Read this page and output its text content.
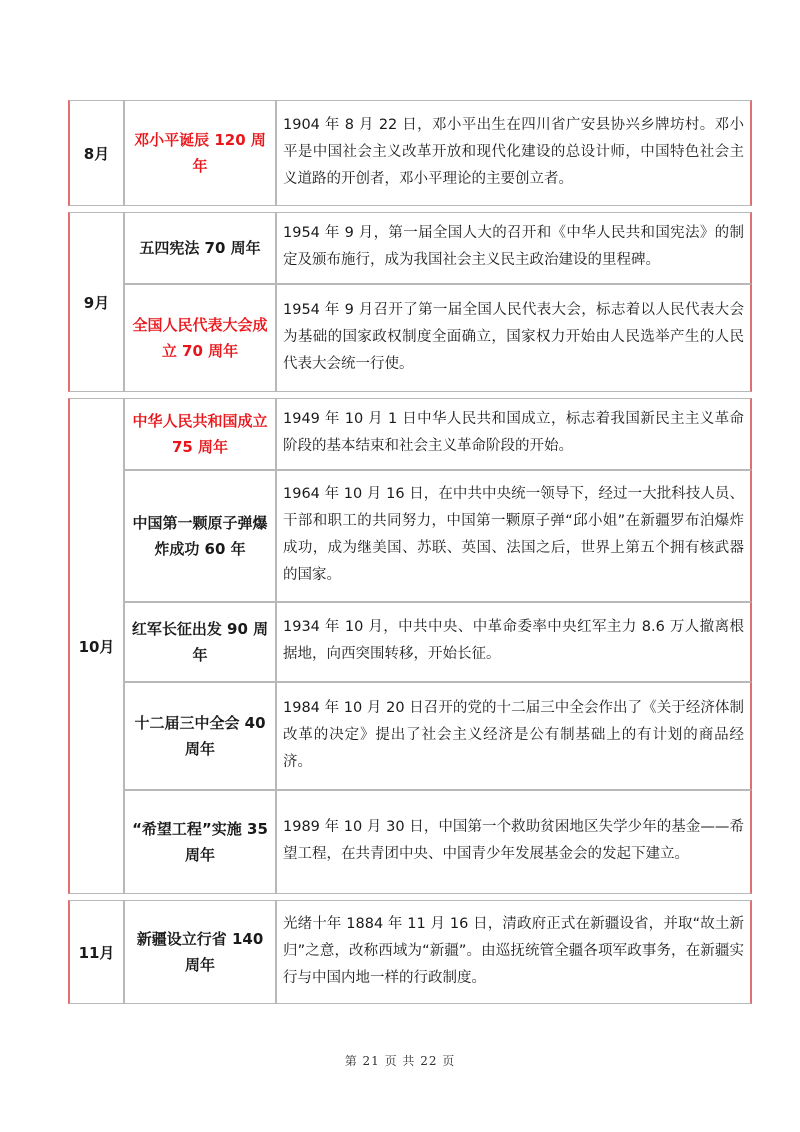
8月	邓小平诞辰 120 周年	1904 年 8 月 22 日，邓小平出生在四川省广安县协兴乡牌坊村。邓小平是中国社会主义改革开放和现代化建设的总设计师，中国特色社会主义道路的开创者，邓小平理论的主要创立者。

9月	五四宪法 70 周年	1954 年 9 月，第一届全国人大的召开和《中华人民共和国宪法》的制定及颁布施行，成为我国社会主义民主政治建设的里程碑。
	全国人民代表大会成立 70 周年	1954 年 9 月召开了第一届全国人民代表大会，标志着以人民代表大会为基础的国家政权制度全面确立，国家权力开始由人民选举产生的人民代表大会统一行使。

10月	中华人民共和国成立 75 周年	1949 年 10 月 1 日中华人民共和国成立，标志着我国新民主主义革命阶段的基本结束和社会主义革命阶段的开始。
	中国第一颗原子弹爆炸成功 60 年	1964 年 10 月 16 日，在中共中央统一领导下，经过一大批科技人员、干部和职工的共同努力，中国第一颗原子弹“邱小姐”在新疆罗布泊爆炸成功，成为继美国、苏联、英国、法国之后，世界上第五个拥有核武器的国家。
	红军长征出发 90 周年	1934 年 10 月，中共中央、中革命委率中央红军主力 8.6 万人撤离根据地，向西突围转移，开始长征。
	十二届三中全会 40 周年	1984 年 10 月 20 日召开的党的十二届三中全会作出了《关于经济体制改革的决定》提出了社会主义经济是公有制基础上的有计划的商品经济。
	“希望工程”实施 35 周年	1989 年 10 月 30 日，中国第一个救助贫困地区失学少年的基金——希望工程，在共青团中央、中国青少年发展基金会的发起下建立。

11月	新疆设立行省 140 周年	光绪十年 1884 年 11 月 16 日，清政府正式在新疆设省，并取“故土新归”之意，改称西域为“新疆”。由巡抚统管全疆各项军政事务，在新疆实行与中国内地一样的行政制度。
第 21 页 共 22 页
